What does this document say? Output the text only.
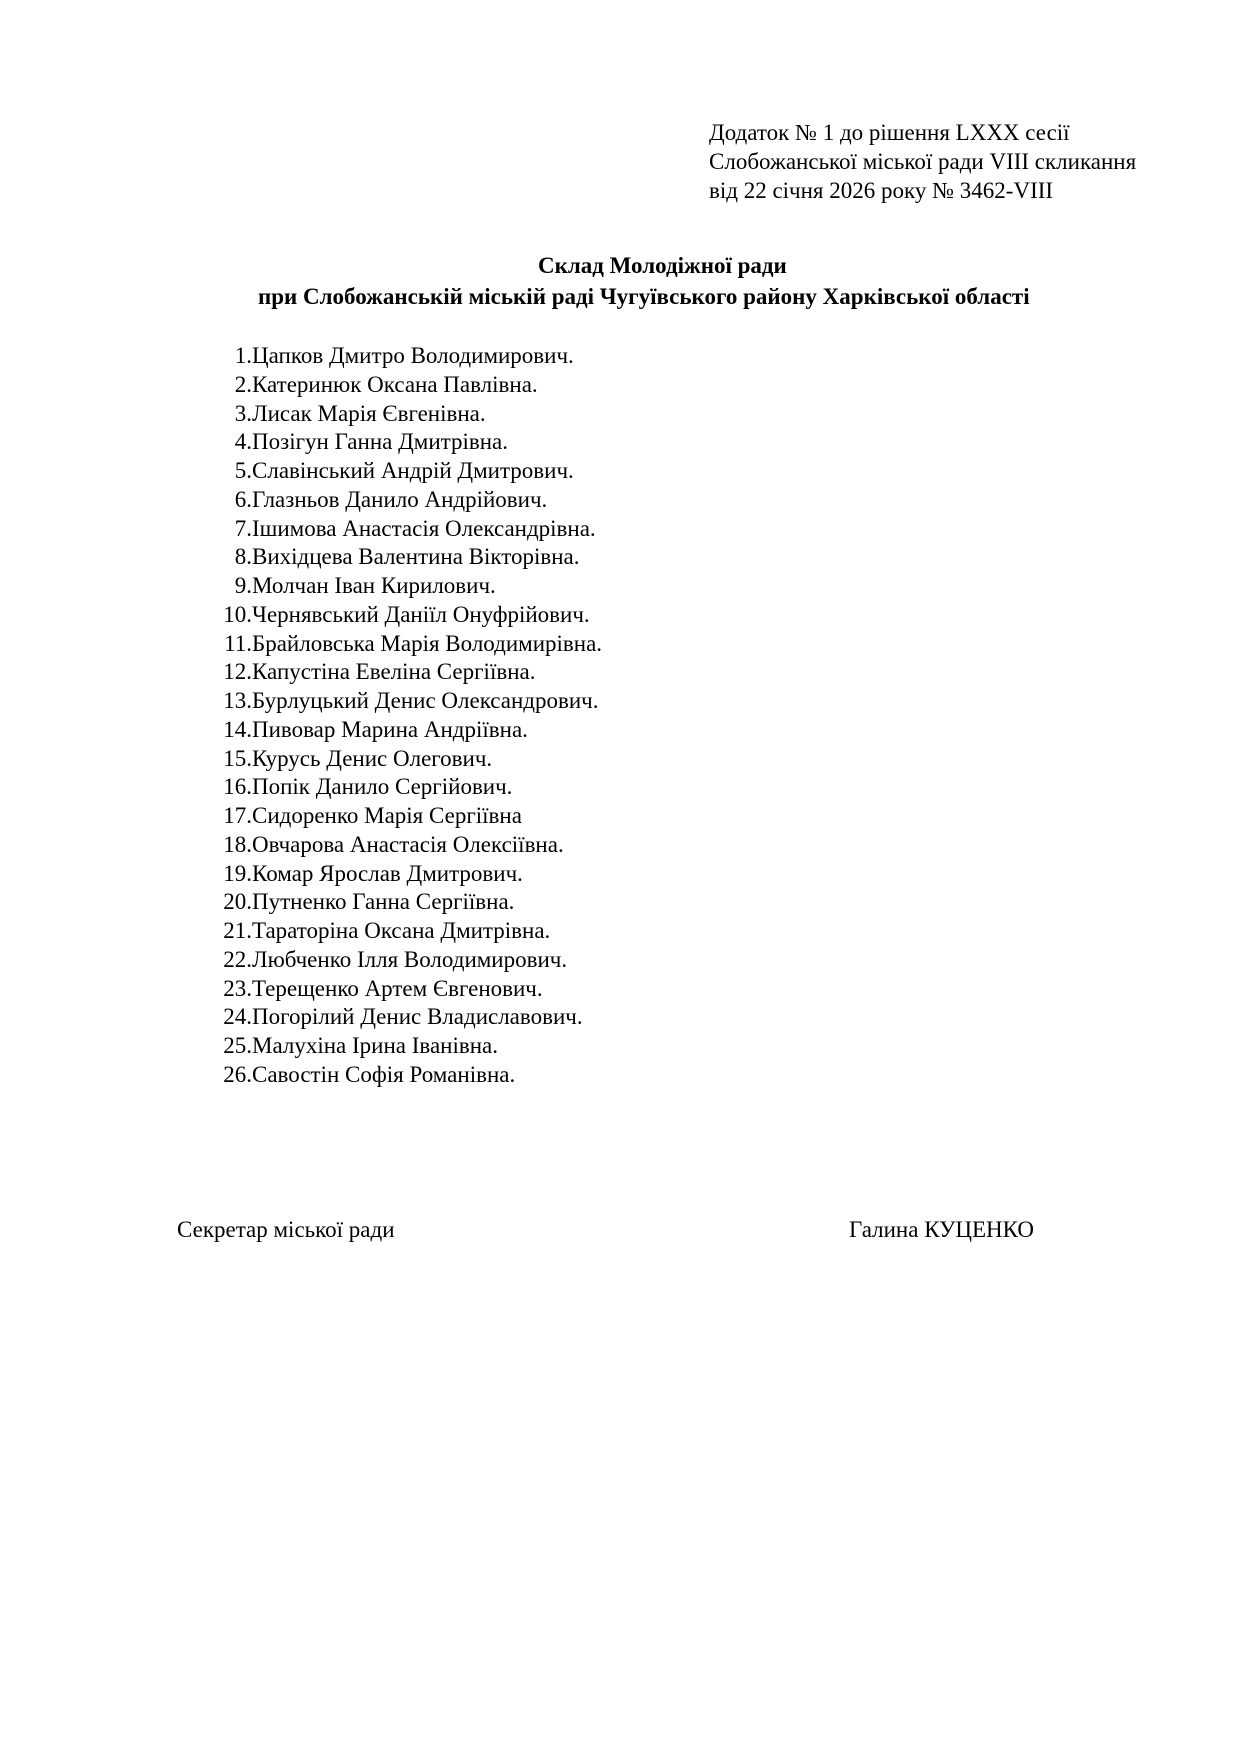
Додаток № 1 до рішення LXXX сесії
Слобожанської міської ради VIII скликання
від 22 січня 2026 року № 3462-VIII
Склад Молодіжної ради
при Слобожанській міській раді Чугуївського району Харківської області
1. Цапков Дмитро Володимирович.
2. Катеринюк Оксана Павлівна.
3. Лисак Марія Євгенівна.
4. Позігун Ганна Дмитрівна.
5. Славінський Андрій Дмитрович.
6. Глазньов Данило Андрійович.
7. Ішимова Анастасія Олександрівна.
8. Вихідцева Валентина Вікторівна.
9. Молчан Іван Кирилович.
10. Чернявський Даніїл Онуфрійович.
11. Брайловська Марія Володимирівна.
12. Капустіна Евеліна Сергіївна.
13. Бурлуцький Денис Олександрович.
14. Пивовар Марина Андріївна.
15. Курусь Денис Олегович.
16. Попік Данило Сергійович.
17. Сидоренко Марія Сергіївна
18. Овчарова Анастасія Олексіївна.
19. Комар Ярослав Дмитрович.
20. Путненко Ганна Сергіївна.
21. Тараторіна Оксана Дмитрівна.
22. Любченко Ілля Володимирович.
23. Терещенко Артем Євгенович.
24. Погорілий Денис Владиславович.
25. Малухіна Ірина Іванівна.
26. Савостін Софія Романівна.
Секретар міської ради	Галина КУЦЕНКО
